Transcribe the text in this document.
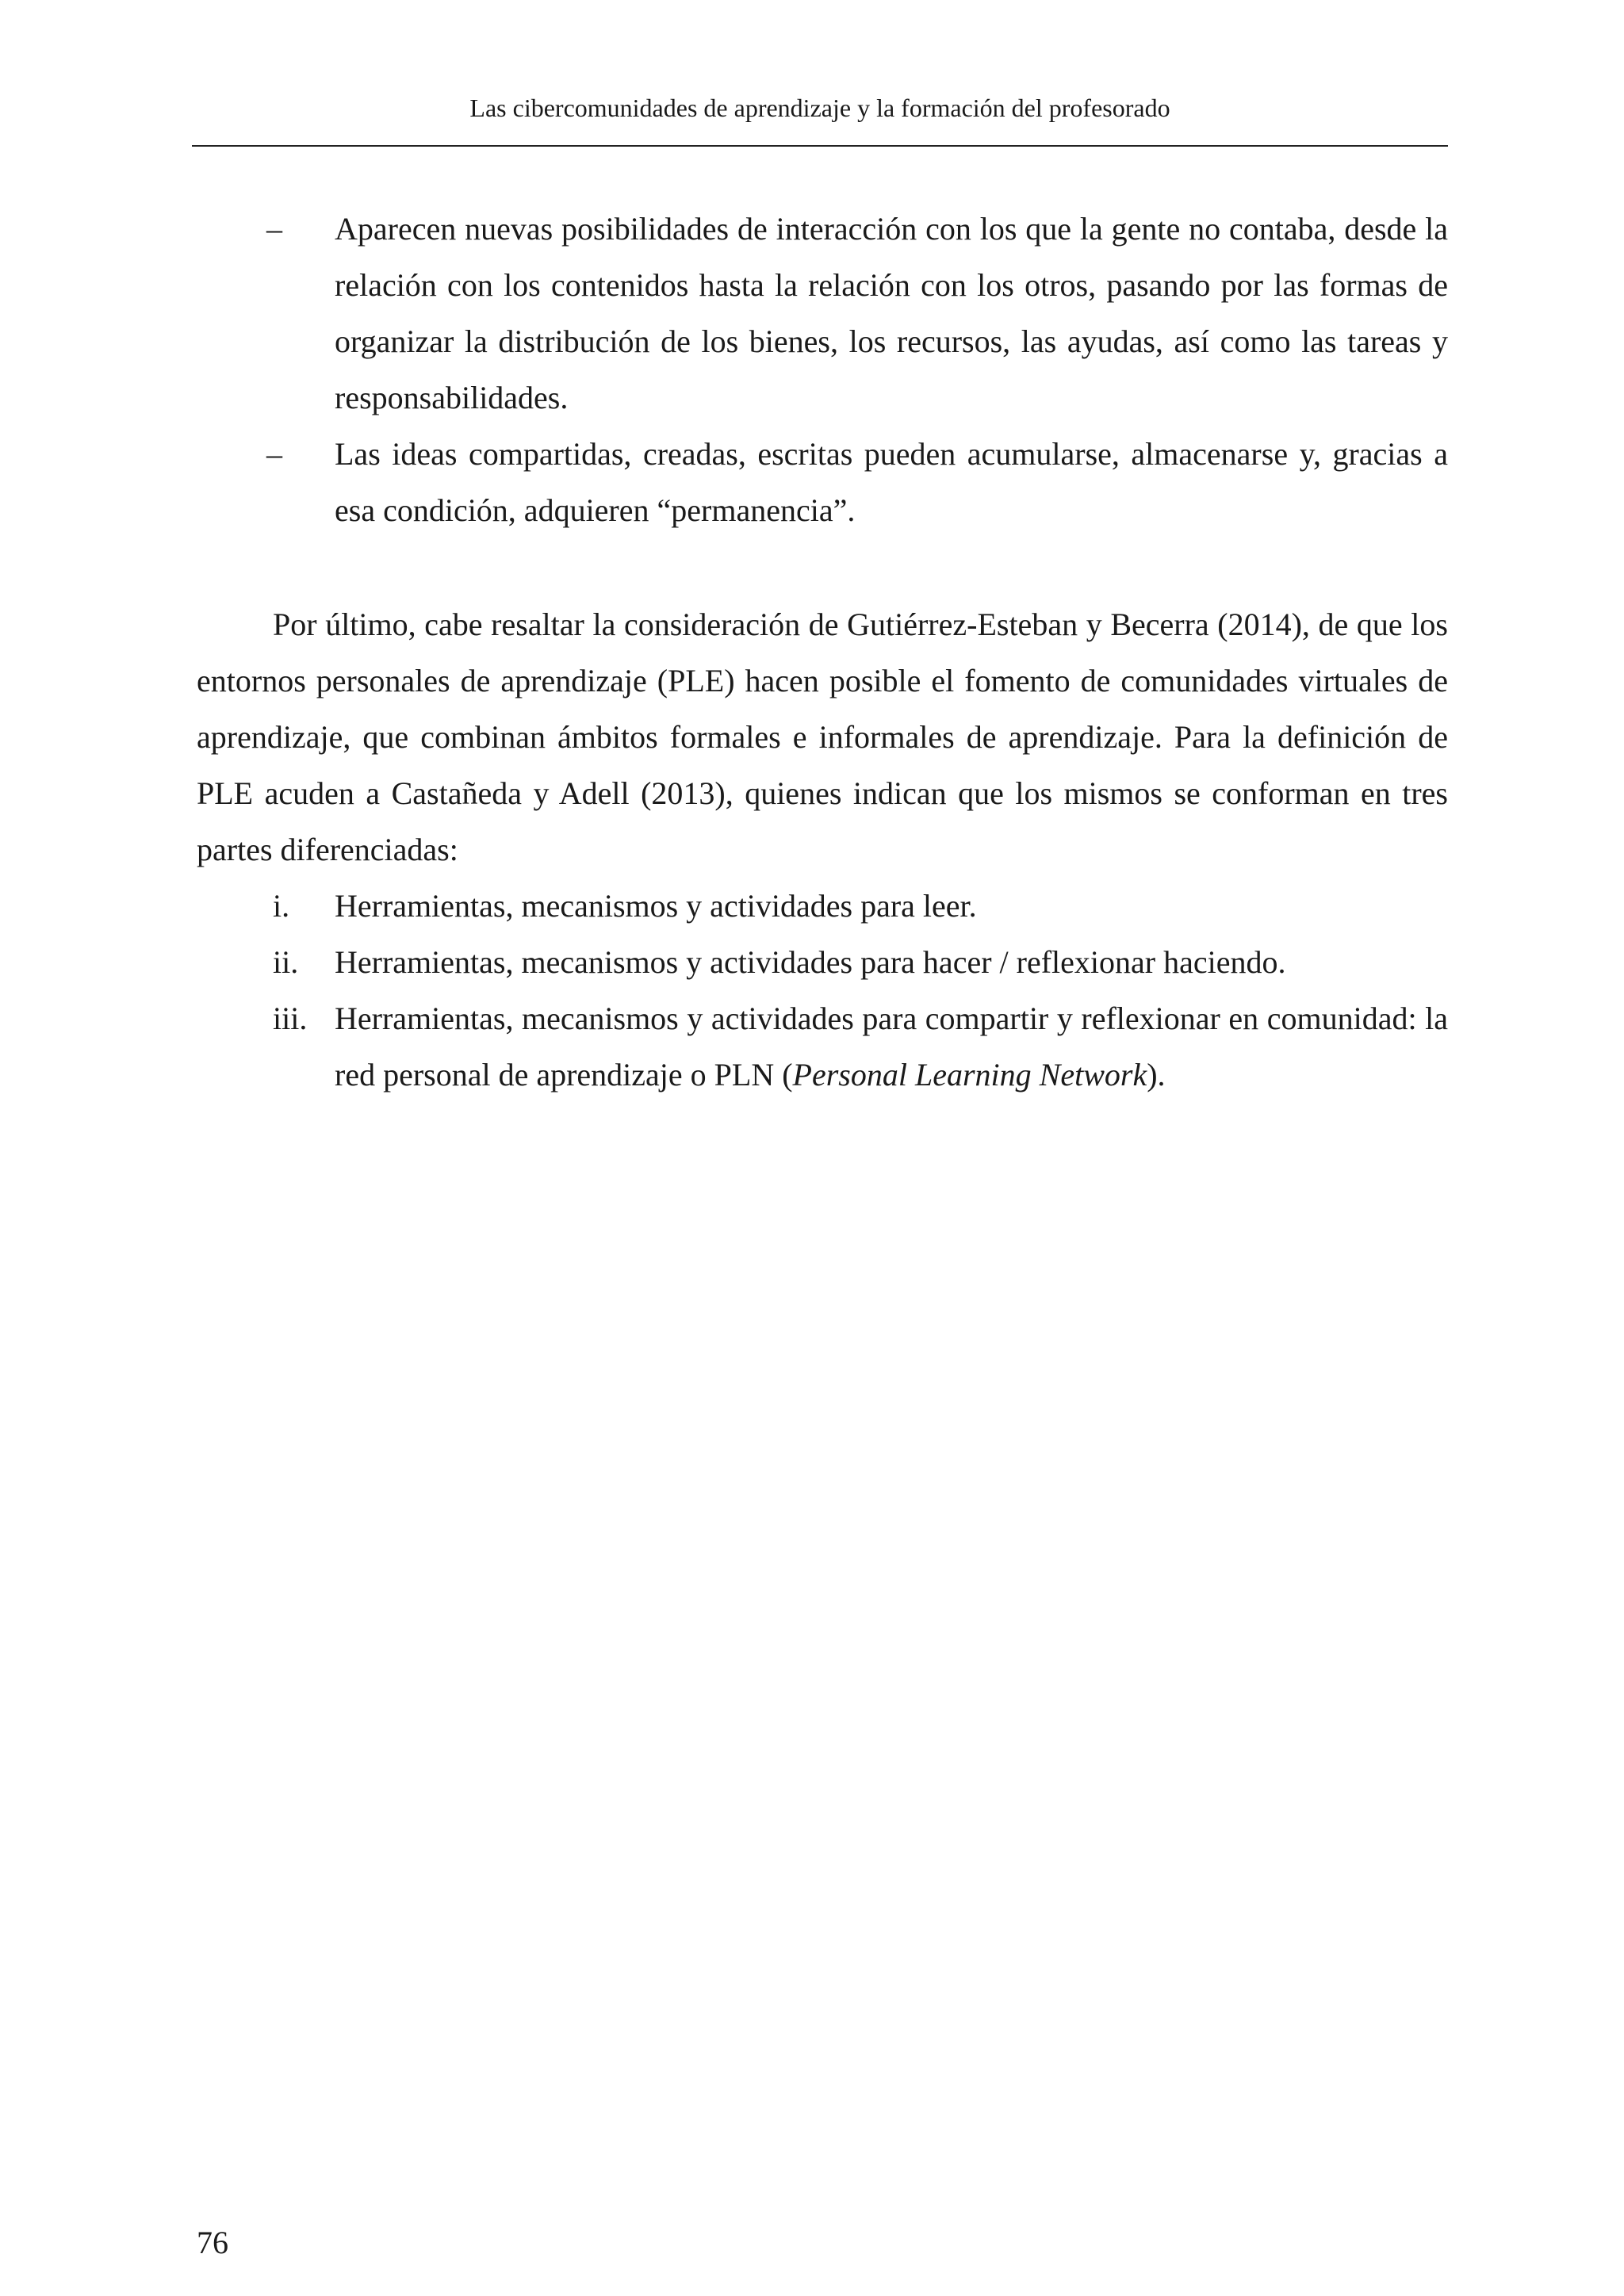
Las cibercomunidades de aprendizaje y la formación del profesorado
– Aparecen nuevas posibilidades de interacción con los que la gente no contaba, desde la relación con los contenidos hasta la relación con los otros, pasando por las formas de organizar la distribución de los bienes, los recursos, las ayudas, así como las tareas y responsabilidades.
– Las ideas compartidas, creadas, escritas pueden acumularse, almacenarse y, gracias a esa condición, adquieren “permanencia”.
Por último, cabe resaltar la consideración de Gutiérrez-Esteban y Becerra (2014), de que los entornos personales de aprendizaje (PLE) hacen posible el fomento de comunidades virtuales de aprendizaje, que combinan ámbitos formales e informales de aprendizaje. Para la definición de PLE acuden a Castañeda y Adell (2013), quienes indican que los mismos se conforman en tres partes diferenciadas:
i. Herramientas, mecanismos y actividades para leer.
ii. Herramientas, mecanismos y actividades para hacer / reflexionar haciendo.
iii. Herramientas, mecanismos y actividades para compartir y reflexionar en comunidad: la red personal de aprendizaje o PLN (Personal Learning Network).
76
